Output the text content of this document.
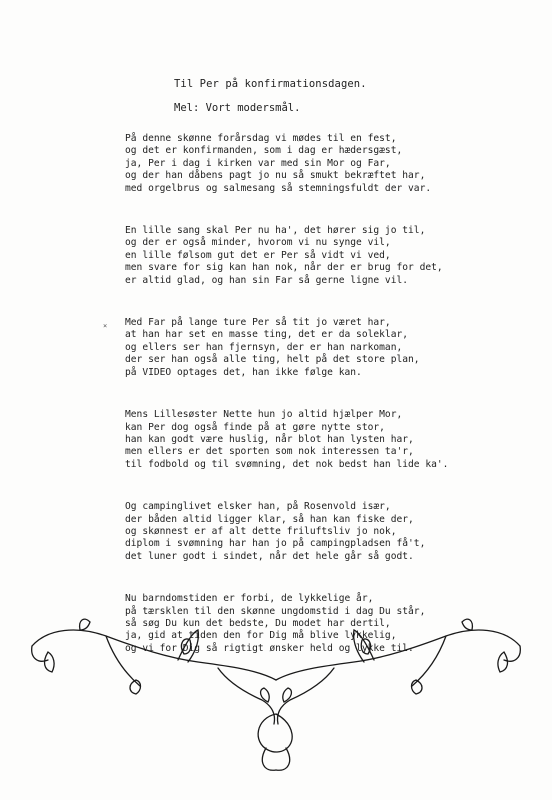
Til Per på konfirmationsdagen.
Mel: Vort modersmål.
På denne skønne forårsdag vi mødes til en fest,
og det er konfirmanden, som i dag er hædersgæst,
ja, Per i dag i kirken var med sin Mor og Far,
og der han dåbens pagt jo nu så smukt bekræftet har,
med orgelbrus og salmesang så stemningsfuldt der var.
En lille sang skal Per nu ha', det hører sig jo til,
og der er også minder, hvorom vi nu synge vil,
en lille følsom gut det er Per så vidt vi ved,
men svare for sig kan han nok, når der er brug for det,
er altid glad, og han sin Far så gerne ligne vil.
Med Far på lange ture Per så tit jo været har,
at han har set en masse ting, det er da soleklar,
og ellers ser han fjernsyn, der er han narkoman,
der ser han også alle ting, helt på det store plan,
på VIDEO optages det, han ikke følge kan.
Mens Lillesøster Nette hun jo altid hjælper Mor,
kan Per dog også finde på at gøre nytte stor,
han kan godt være huslig, når blot han lysten har,
men ellers er det sporten som nok interessen ta'r,
til fodbold og til svømning, det nok bedst han lide ka'.
Og campinglivet elsker han, på Rosenvold især,
der båden altid ligger klar, så han kan fiske der,
og skønnest er af alt dette friluftsliv jo nok,
diplom i svømning har han jo på campingpladsen få't,
det luner godt i sindet, når det hele går så godt.
Nu barndomstiden er forbi, de lykkelige år,
på tærsklen til den skønne ungdomstid i dag Du står,
så søg Du kun det bedste, Du modet har dertil,
ja, gid at tiden den for Dig må blive lykkelig,
og vi for Dig så rigtigt ønsker held og lykke til.
×
